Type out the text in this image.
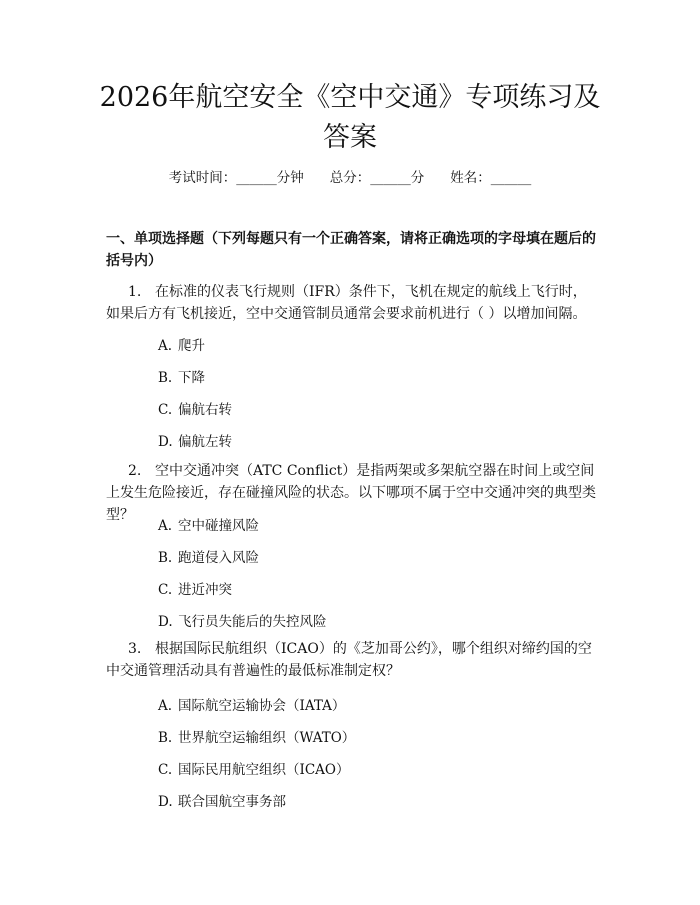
2026年航空安全《空中交通》专项练习及答案
考试时间：______分钟 总分：______分 姓名：______

一、单项选择题（下列每题只有一个正确答案，请将正确选项的字母填在题后的括号内）

1. 在标准的仪表飞行规则（IFR）条件下，飞机在规定的航线上飞行时，如果后方有飞机接近，空中交通管制员通常会要求前机进行（ ）以增加间隔。

A. 爬升
B. 下降
C. 偏航右转
D. 偏航左转

2. 空中交通冲突（ATC Conflict）是指两架或多架航空器在时间上或空间上发生危险接近，存在碰撞风险的状态。以下哪项不属于空中交通冲突的典型类型？

A. 空中碰撞风险
B. 跑道侵入风险
C. 进近冲突
D. 飞行员失能后的失控风险

3. 根据国际民航组织（ICAO）的《芝加哥公约》，哪个组织对缔约国的空中交通管理活动具有普遍性的最低标准制定权？

A. 国际航空运输协会（IATA）
B. 世界航空运输组织（WATO）
C. 国际民用航空组织（ICAO）
D. 联合国航空事务部
